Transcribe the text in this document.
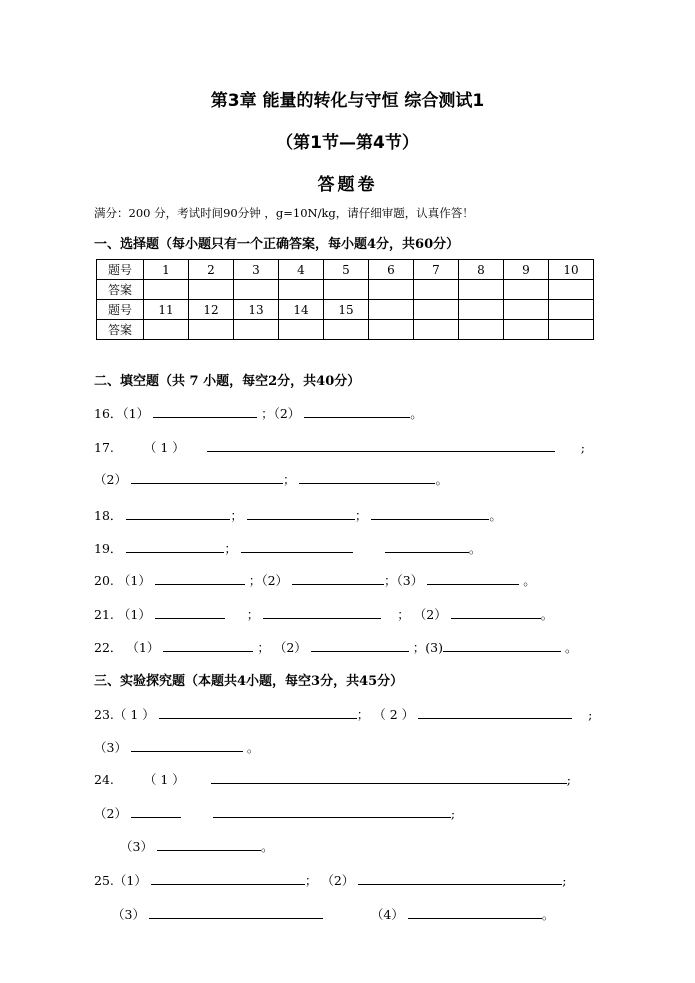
第3章 能量的转化与守恒 综合测试1
（第1节—第4节）
答题卷
满分：200 分，考试时间90分钟 ，g=10N/kg，请仔细审题，认真作答！
一、选择题（每小题只有一个正确答案，每小题4分，共60分）
题号	1	2	3	4	5	6	7	8	9	10
答案										
题号	11	12	13	14	15					
答案										
二、填空题（共 7 小题，每空2分，共40分）
16．（1）	；（2）	。
17. （ 1 ）	;
（2）	；	。
18．	；	；	。
19．	；	。
20. （1）	；（2）	；（3）	。
21. （1）	；	； （2）	。
22． （1）	； （2）	；(3)	。
三、实验探究题（本题共4小题，每空3分，共45分）
23.（ 1 ）	； （ 2 ）	;
（3）	。
24. （ 1 ）	;
（2）	;
（3）	。
25.（1）	； （2）	;
（3）	（4）	。
